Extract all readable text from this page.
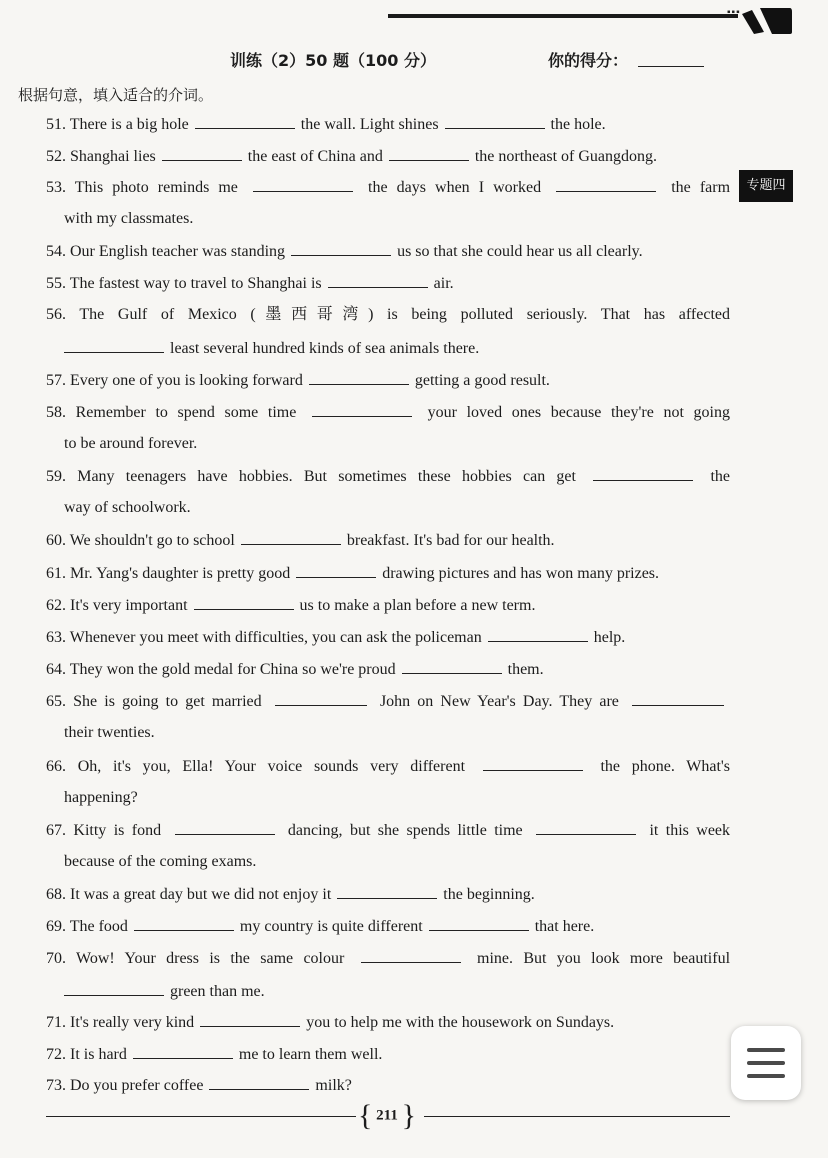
▪▪▪
训练（2）50 题（100 分）	你的得分：
根据句意，填入适合的介词。
专题四
51. There is a big hole	the wall. Light shines	the hole.
52. Shanghai lies	the east of China and	the northeast of Guangdong.
53. This photo reminds me	the days when I worked	the farm
with my classmates.
54. Our English teacher was standing	us so that she could hear us all clearly.
55. The fastest way to travel to Shanghai is	air.
56. The Gulf of Mexico (墨西哥湾) is being polluted seriously. That has affected
least several hundred kinds of sea animals there.
57. Every one of you is looking forward	getting a good result.
58. Remember to spend some time	your loved ones because they're not going
to be around forever.
59. Many teenagers have hobbies. But sometimes these hobbies can get	the
way of schoolwork.
60. We shouldn't go to school	breakfast. It's bad for our health.
61. Mr. Yang's daughter is pretty good	drawing pictures and has won many prizes.
62. It's very important	us to make a plan before a new term.
63. Whenever you meet with difficulties, you can ask the policeman	help.
64. They won the gold medal for China so we're proud	them.
65. She is going to get married	John on New Year's Day. They are
their twenties.
66. Oh, it's you, Ella! Your voice sounds very different	the phone. What's
happening?
67. Kitty is fond	dancing, but she spends little time	it this week
because of the coming exams.
68. It was a great day but we did not enjoy it	the beginning.
69. The food	my country is quite different	that here.
70. Wow! Your dress is the same colour	mine. But you look more beautiful
green than me.
71. It's really very kind	you to help me with the housework on Sundays.
72. It is hard	me to learn them well.
73. Do you prefer coffee	milk?
{ 211 }
